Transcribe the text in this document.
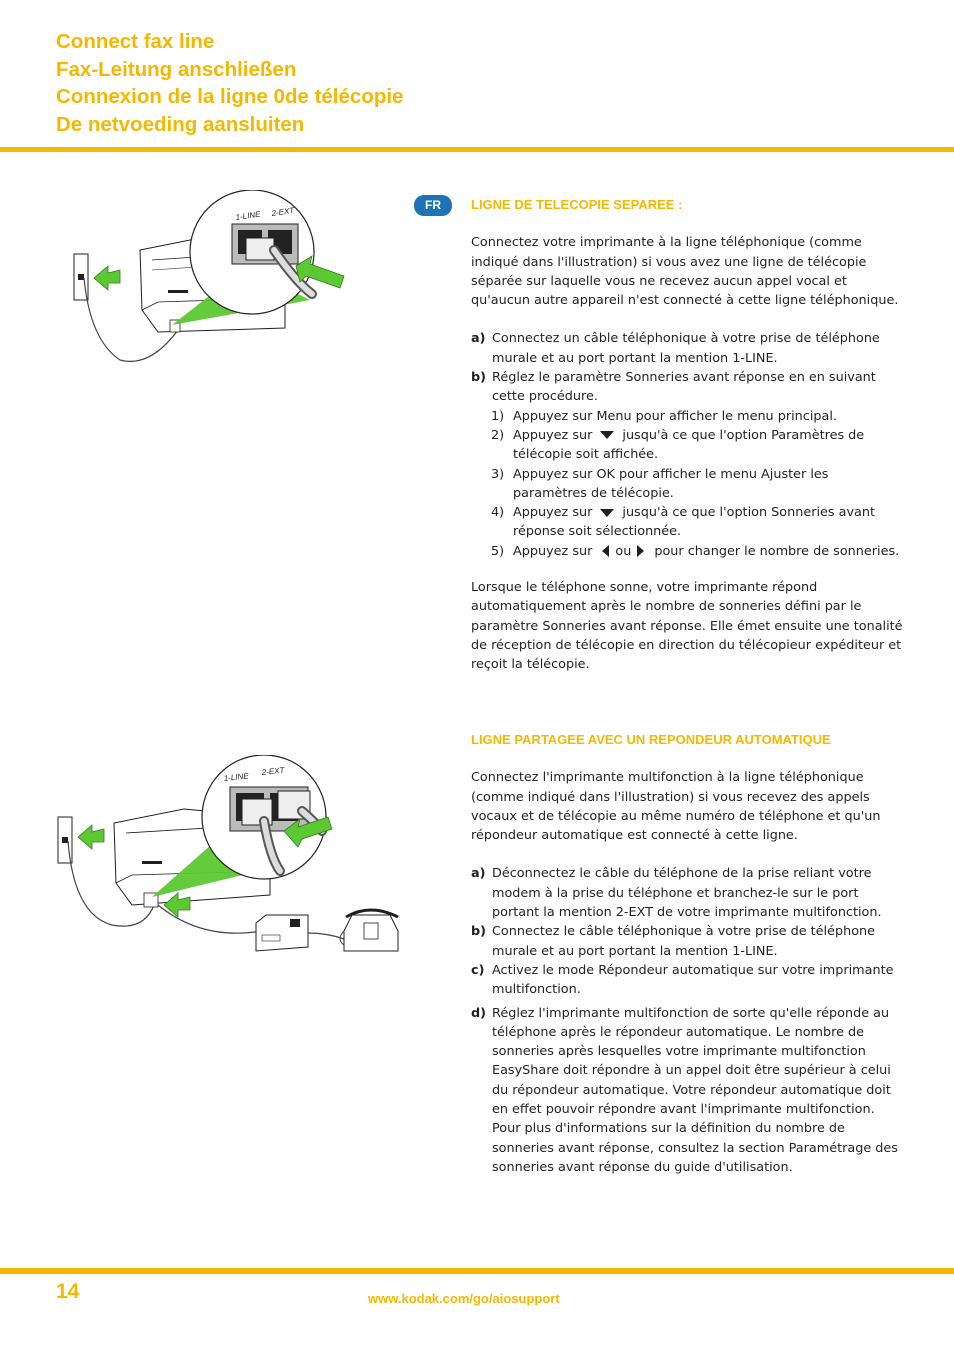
Connect fax line
Fax-Leitung anschließen
Connexion de la ligne 0de télécopie
De netvoeding aansluiten
1-LINE 2-EXT
1-LINE
2-EXT
FR	LIGNE DE TELECOPIE SEPAREE :

Connectez votre imprimante à la ligne téléphonique (comme indiqué dans l'illustration) si vous avez une ligne de télécopie séparée sur laquelle vous ne recevez aucun appel vocal et qu'aucun autre appareil n'est connecté à cette ligne téléphonique.

a) Connectez un câble téléphonique à votre prise de téléphone murale et au port portant la mention 1-LINE.
b) Réglez le paramètre Sonneries avant réponse en en suivant cette procédure.
1) Appuyez sur Menu pour afficher le menu principal.
2) Appuyez sur jusqu'à ce que l'option Paramètres de télécopie soit affichée.
3) Appuyez sur OK pour afficher le menu Ajuster les paramètres de télécopie.
4) Appuyez sur jusqu'à ce que l'option Sonneries avant réponse soit sélectionnée.
5) Appuyez sur ou pour changer le nombre de sonneries.

Lorsque le téléphone sonne, votre imprimante répond automatiquement après le nombre de sonneries défini par le paramètre Sonneries avant réponse. Elle émet ensuite une tonalité de réception de télécopie en direction du télécopieur expéditeur et reçoit la télécopie.

LIGNE PARTAGEE AVEC UN REPONDEUR AUTOMATIQUE

Connectez l'imprimante multifonction à la ligne téléphonique (comme indiqué dans l'illustration) si vous recevez des appels vocaux et de télécopie au même numéro de téléphone et qu'un répondeur automatique est connecté à cette ligne.

a) Déconnectez le câble du téléphone de la prise reliant votre modem à la prise du téléphone et branchez-le sur le port portant la mention 2-EXT de votre imprimante multifonction.
b) Connectez le câble téléphonique à votre prise de téléphone murale et au port portant la mention 1-LINE.
c) Activez le mode Répondeur automatique sur votre imprimante multifonction.
d) Réglez l'imprimante multifonction de sorte qu'elle réponde au téléphone après le répondeur automatique. Le nombre de sonneries après lesquelles votre imprimante multifonction EasyShare doit répondre à un appel doit être supérieur à celui du répondeur automatique. Votre répondeur automatique doit en effet pouvoir répondre avant l'imprimante multifonction. Pour plus d'informations sur la définition du nombre de sonneries avant réponse, consultez la section Paramétrage des sonneries avant réponse du guide d'utilisation.
14	www.kodak.com/go/aiosupport
